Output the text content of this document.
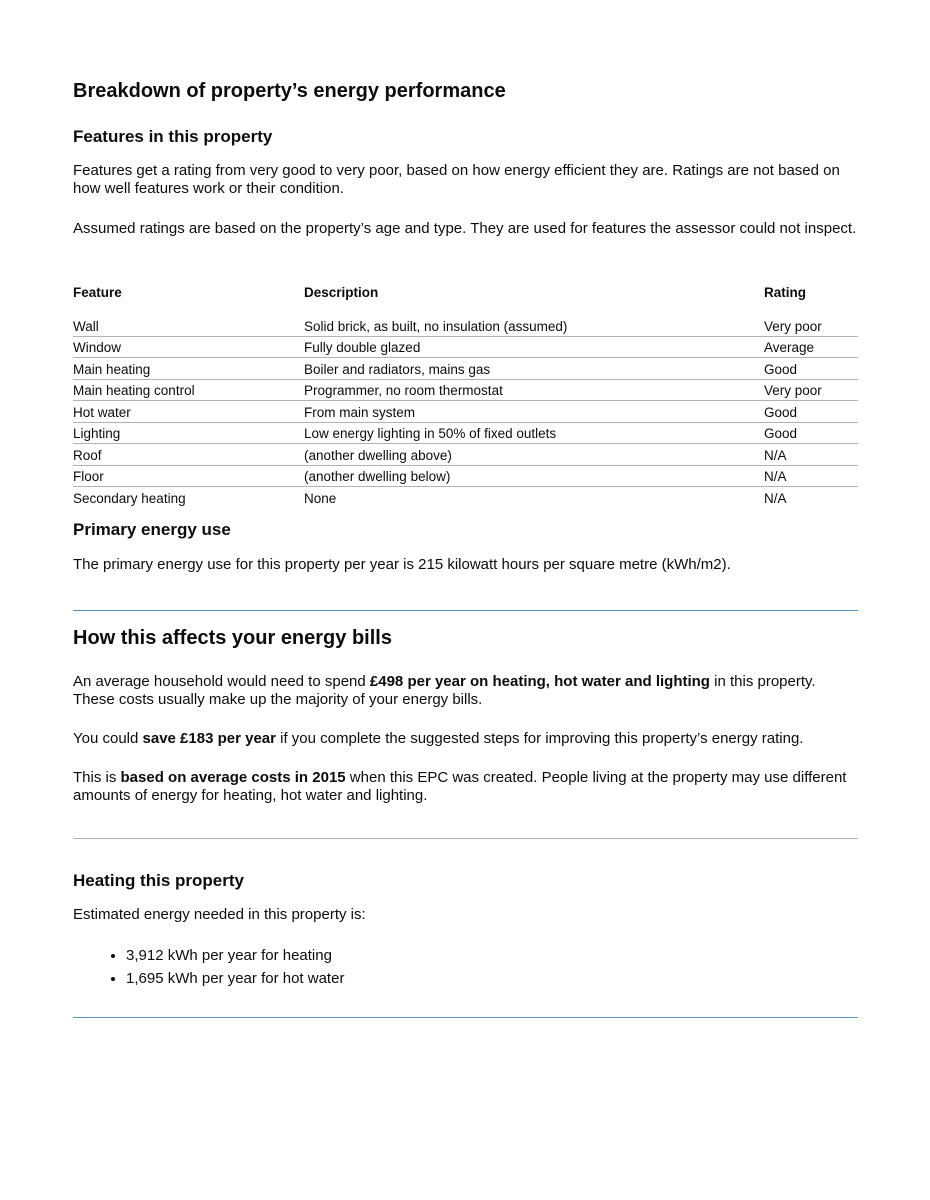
Breakdown of property’s energy performance
Features in this property

Features get a rating from very good to very poor, based on how energy efficient they are. Ratings are not based on how well features work or their condition.

Assumed ratings are based on the property’s age and type. They are used for features the assessor could not inspect.

Feature	Description	Rating
Wall	Solid brick, as built, no insulation (assumed)	Very poor
Window	Fully double glazed	Average
Main heating	Boiler and radiators, mains gas	Good
Main heating control	Programmer, no room thermostat	Very poor
Hot water	From main system	Good
Lighting	Low energy lighting in 50% of fixed outlets	Good
Roof	(another dwelling above)	N/A
Floor	(another dwelling below)	N/A
Secondary heating	None	N/A
Primary energy use

The primary energy use for this property per year is 215 kilowatt hours per square metre (kWh/m2).

How this affects your energy bills

An average household would need to spend £498 per year on heating, hot water and lighting in this property. These costs usually make up the majority of your energy bills.

You could save £183 per year if you complete the suggested steps for improving this property’s energy rating.

This is based on average costs in 2015 when this EPC was created. People living at the property may use different amounts of energy for heating, hot water and lighting.

Heating this property

Estimated energy needed in this property is:

• 3,912 kWh per year for heating
• 1,695 kWh per year for hot water
